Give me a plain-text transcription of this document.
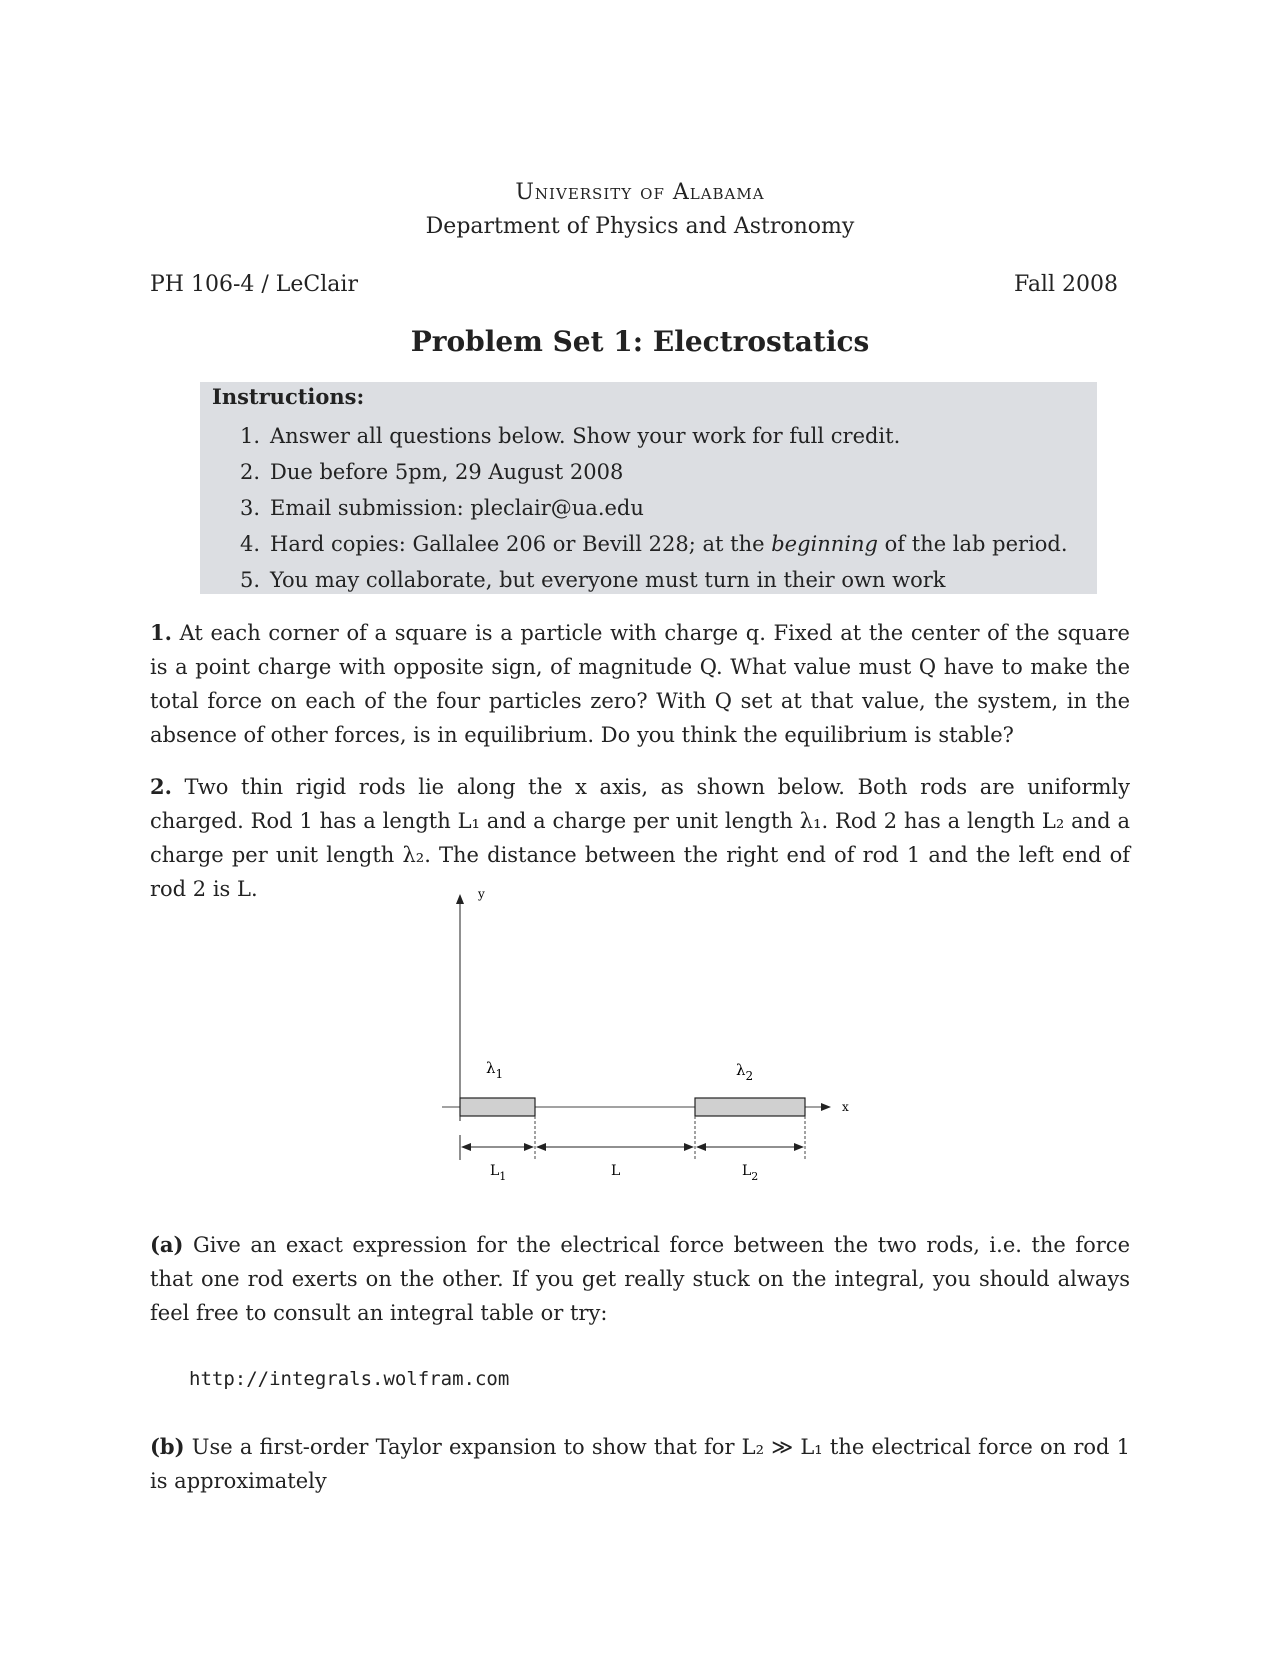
University of Alabama
Department of Physics and Astronomy
PH 106-4 / LeClair	Fall 2008
Problem Set 1: Electrostatics
Instructions:
1. Answer all questions below. Show your work for full credit.
2. Due before 5pm, 29 August 2008
3. Email submission: pleclair@ua.edu
4. Hard copies: Gallalee 206 or Bevill 228; at the beginning of the lab period.
5. You may collaborate, but everyone must turn in their own work
1. At each corner of a square is a particle with charge q. Fixed at the center of the square is a point charge with opposite sign, of magnitude Q. What value must Q have to make the total force on each of the four particles zero? With Q set at that value, the system, in the absence of other forces, is in equilibrium. Do you think the equilibrium is stable?
2. Two thin rigid rods lie along the x axis, as shown below. Both rods are uniformly charged. Rod 1 has a length L₁ and a charge per unit length λ₁. Rod 2 has a length L₂ and a charge per unit length λ₂. The distance between the right end of rod 1 and the left end of rod 2 is L.	y
x
$\lambda_1$	$\lambda_2$
$L_1$	L	$L_2$
(a) Give an exact expression for the electrical force between the two rods, i.e. the force that one rod exerts on the other. If you get really stuck on the integral, you should always feel free to consult an integral table or try:
http://integrals.wolfram.com
(b) Use a first-order Taylor expansion to show that for L₂ ≫ L₁ the electrical force on rod 1 is approximately
